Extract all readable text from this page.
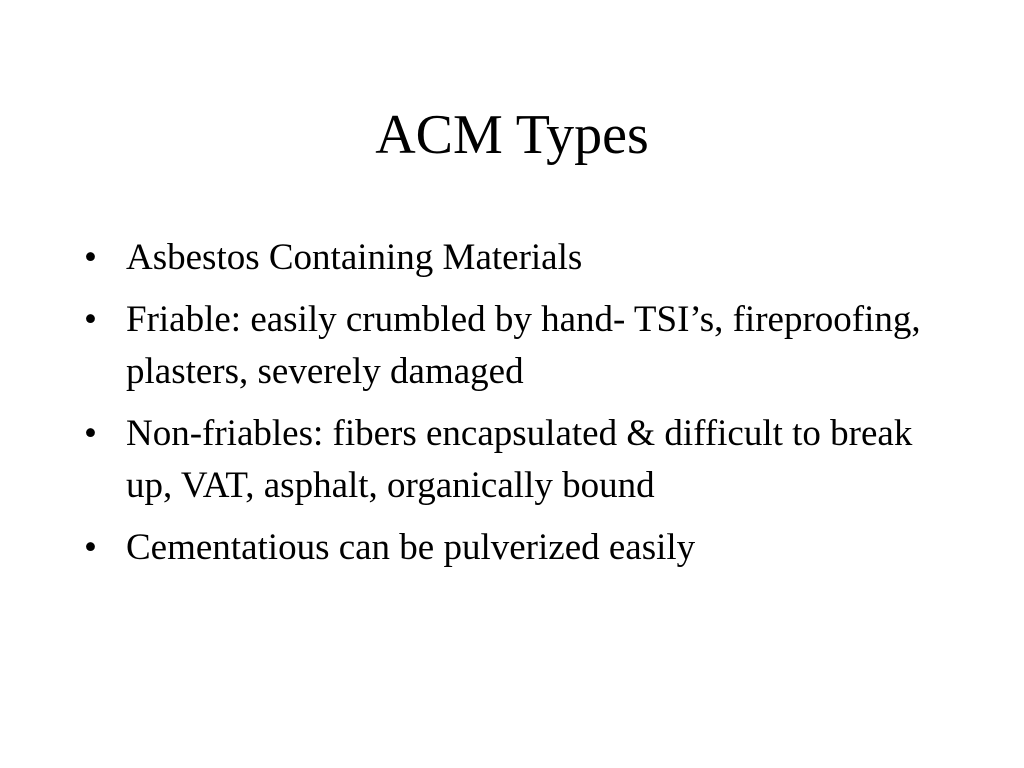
ACM Types
• Asbestos Containing Materials
• Friable: easily crumbled by hand- TSI’s, fireproofing, plasters, severely damaged
• Non-friables: fibers encapsulated & difficult to break up, VAT, asphalt, organically bound
• Cementatious can be pulverized easily
